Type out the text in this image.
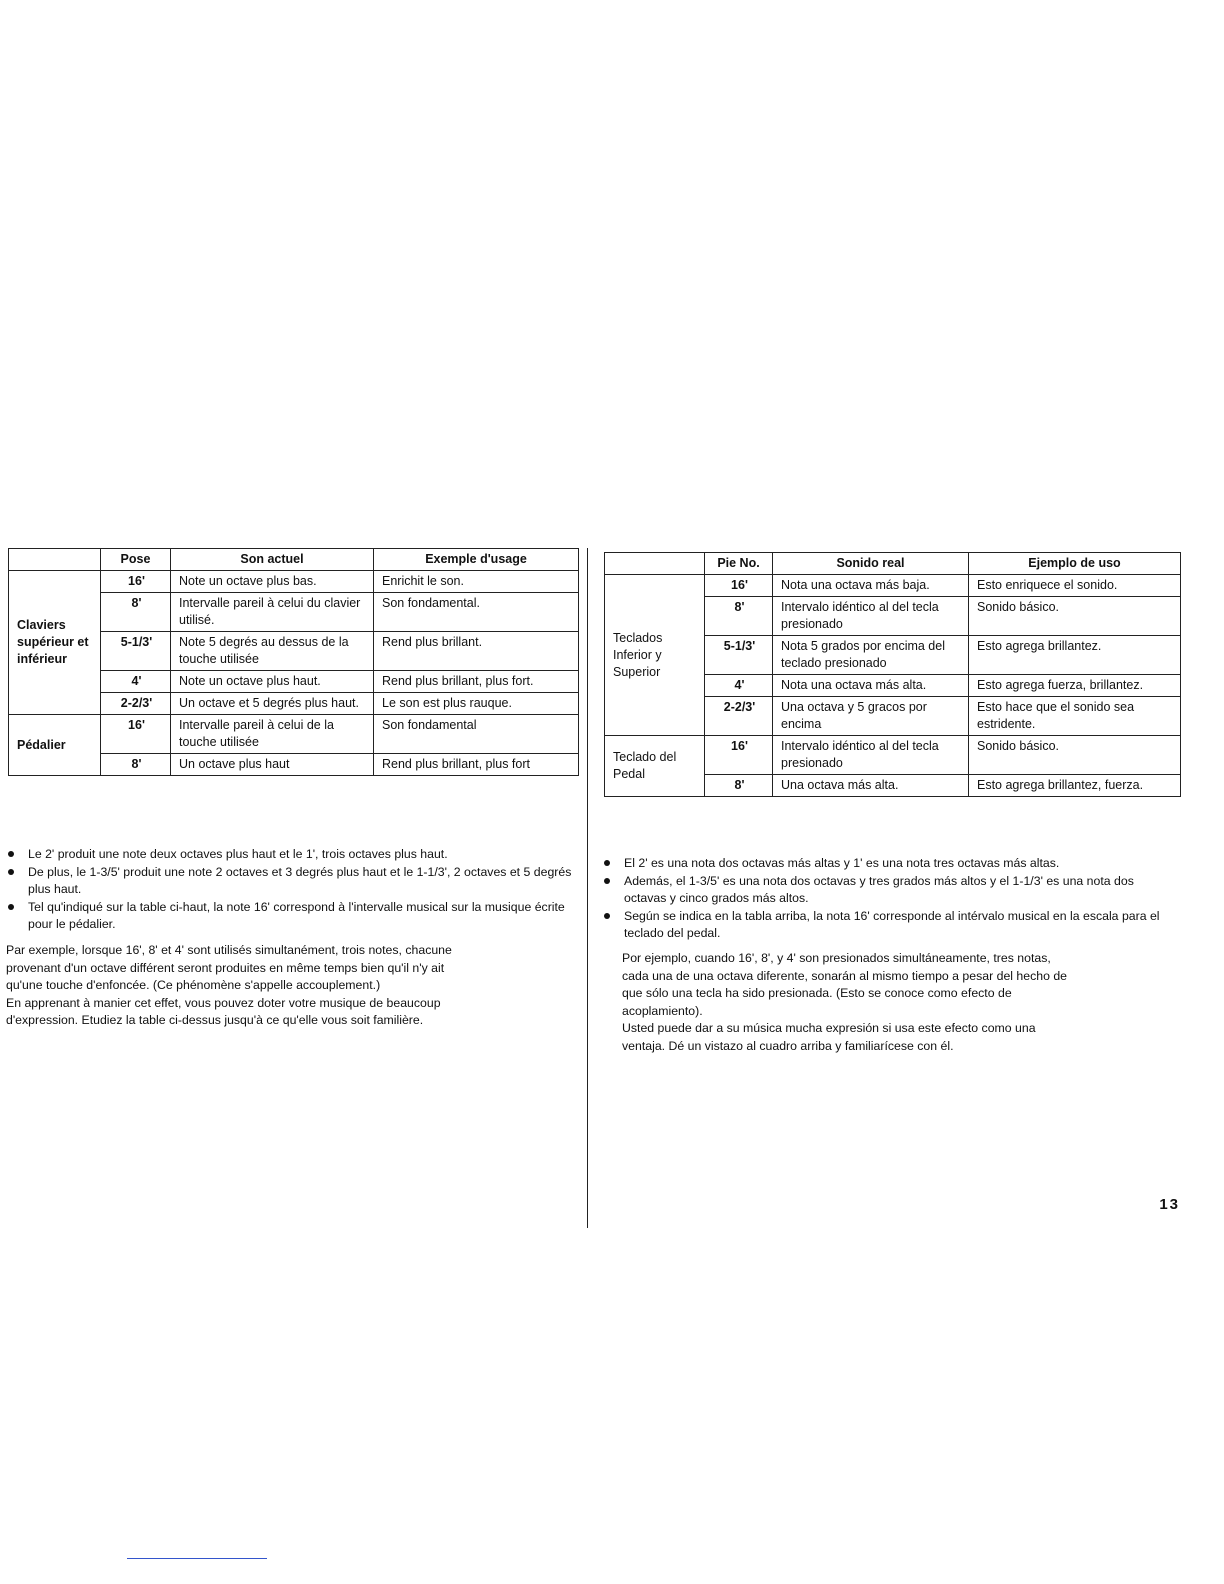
	Pose	Son actuel	Exemple d'usage
Claviers supérieur et inférieur	16'	Note un octave plus bas.	Enrichit le son.
	8'	Intervalle pareil à celui du clavier utilisé.	Son fondamental.
	5-1/3'	Note 5 degrés au dessus de la touche utilisée	Rend plus brillant.
	4'	Note un octave plus haut.	Rend plus brillant, plus fort.
	2-2/3'	Un octave et 5 degrés plus haut.	Le son est plus rauque.
Pédalier	16'	Intervalle pareil à celui de la touche utilisée	Son fondamental
	8'	Un octave plus haut	Rend plus brillant, plus fort

Le 2' produit une note deux octaves plus haut et le 1', trois octaves plus haut.

De plus, le 1-3/5' produit une note 2 octaves et 3 degrés plus haut et le 1-1/3', 2 octaves et 5 degrés plus haut.

Tel qu'indiqué sur la table ci-haut, la note 16' correspond à l'intervalle musical sur la musique écrite pour le pédalier.

Par exemple, lorsque 16', 8' et 4' sont utilisés simultanément, trois notes, chacune provenant d'un octave différent seront produites en même temps bien qu'il n'y ait qu'une touche d'enfoncée. (Ce phénomène s'appelle accouplement.)

En apprenant à manier cet effet, vous pouvez doter votre musique de beaucoup d'expression. Etudiez la table ci-dessus jusqu'à ce qu'elle vous soit familière.

	Pie No.	Sonido real	Ejemplo de uso
Teclados Inferior y Superior	16'	Nota una octava más baja.	Esto enriquece el sonido.
	8'	Intervalo idéntico al del tecla presionado	Sonido básico.
	5-1/3'	Nota 5 grados por encima del teclado presionado	Esto agrega brillantez.
	4'	Nota una octava más alta.	Esto agrega fuerza, brillantez.
	2-2/3'	Una octava y 5 gracos por encima	Esto hace que el sonido sea estridente.
Teclado del Pedal	16'	Intervalo idéntico al del tecla presionado	Sonido básico.
	8'	Una octava más alta.	Esto agrega brillantez, fuerza.

El 2' es una nota dos octavas más altas y 1' es una nota tres octavas más altas.

Además, el 1-3/5' es una nota dos octavas y tres grados más altos y el 1-1/3' es una nota dos octavas y cinco grados más altos.

Según se indica en la tabla arriba, la nota 16' corresponde al intérvalo musical en la escala para el teclado del pedal.

Por ejemplo, cuando 16', 8', y 4' son presionados simultáneamente, tres notas, cada una de una octava diferente, sonarán al mismo tiempo a pesar del hecho de que sólo una tecla ha sido presionada. (Esto se conoce como efecto de acoplamiento).

Usted puede dar a su música mucha expresión si usa este efecto como una ventaja. Dé un vistazo al cuadro arriba y familiarícese con él.

13
